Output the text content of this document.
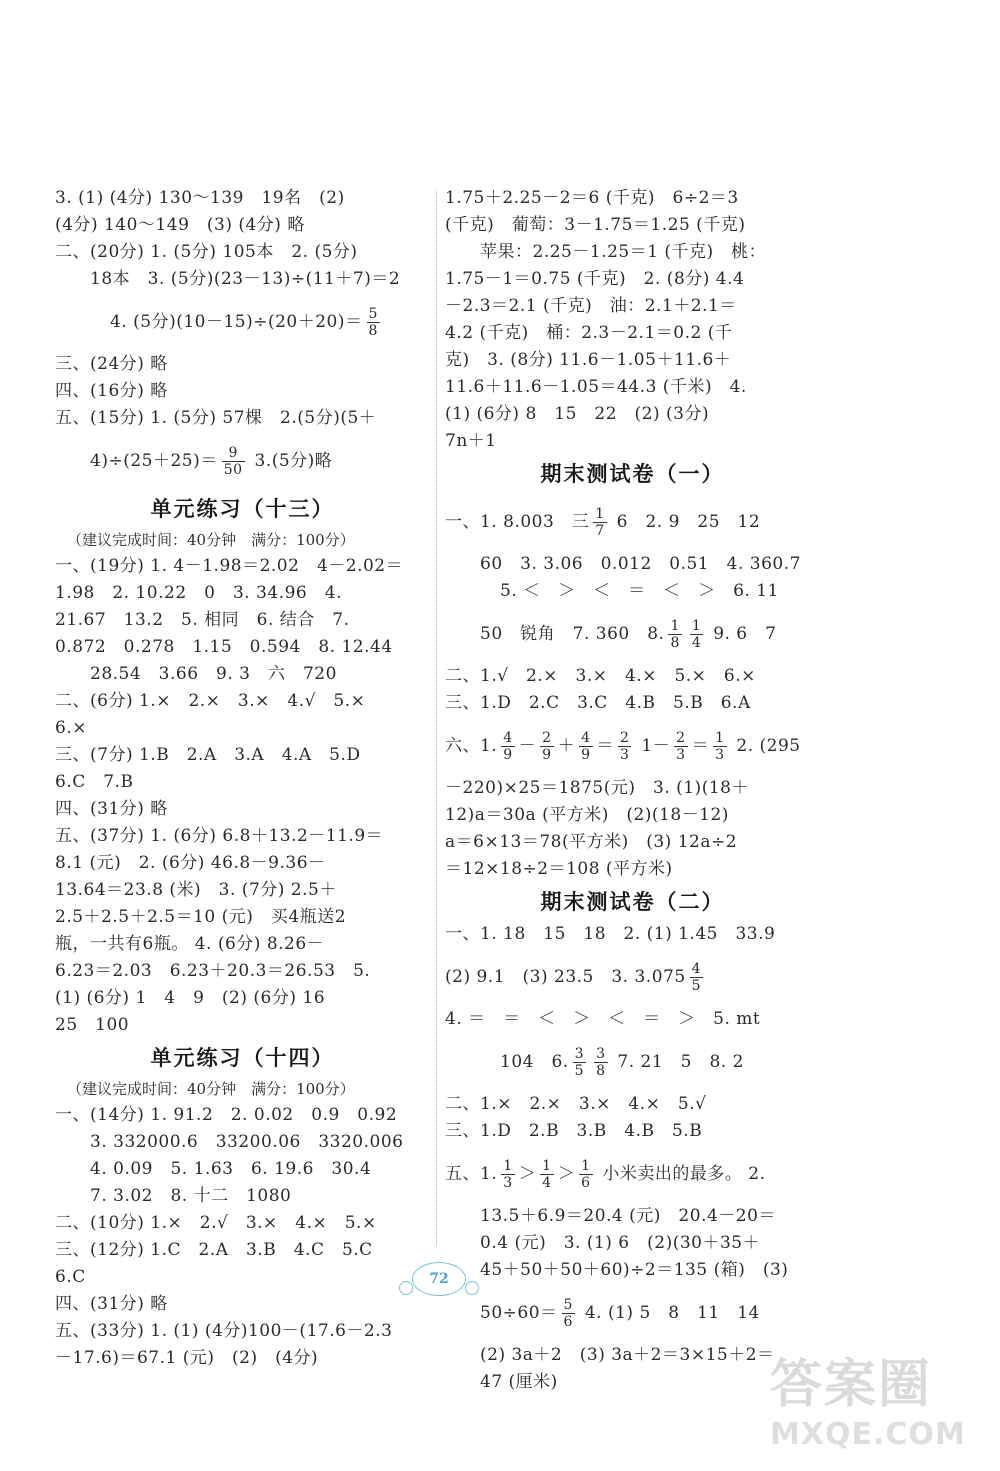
3. (1) (4分) 130～139　19名　(2)
(4分) 140～149　(3) (4分) 略
二、(20分) 1. (5分) 105本　2. (5分)
18本　3. (5分)(23－13)÷(11＋7)＝2
4. (5分)$(10-15)\div(20+20)= \frac{5}{8}$
三、(24分) 略
四、(16分) 略
五、(15分) 1. (5分) 57棵　2.(5分)(5＋
$4)\div(25+25)= \frac{9}{50} 3.(5$分)略
单元练习（十三）
（建议完成时间：40分钟　满分：100分）
一、(19分) 1. 4－1.98＝2.02　4－2.02＝
1.98　2. 10.22　0　3. 34.96　4.
21.67　13.2　5. 相同　6. 结合　7.
0.872　0.278　1.15　0.594　8. 12.44
28.54　3.66　9. 3　六　720
二、(6分) 1.×　2.×　3.×　4.√　5.×
6.×
三、(7分) 1.B　2.A　3.A　4.A　5.D
6.C　7.B
四、(31分) 略
五、(37分) 1. (6分) 6.8＋13.2－11.9＝
8.1 (元)　2. (6分) 46.8－9.36－
13.64＝23.8 (米)　3. (7分) 2.5＋
2.5＋2.5＋2.5＝10 (元)　买4瓶送2
瓶，一共有6瓶。 4. (6分) 8.26－
6.23＝2.03　6.23＋20.3＝26.53　5.
(1) (6分) 1　4　9　(2) (6分) 16
25　100
单元练习（十四）
（建议完成时间：40分钟　满分：100分）
一、(14分) 1. 91.2　2. 0.02　0.9　0.92
3. 332000.6　33200.06　3320.006
4. 0.09　5. 1.63　6. 19.6　30.4
7. 3.02　8. 十二　1080
二、(10分) 1.×　2.√　3.×　4.×　5.×
三、(12分) 1.C　2.A　3.B　4.C　5.C
6.C
四、(31分) 略
五、(33分) 1. (1) (4分)100－(17.6－2.3
－17.6)＝67.1 (元)　(2)　(4分)
1.75＋2.25－2＝6 (千克)　6÷2＝3
(千克)　葡萄：3－1.75＝1.25 (千克)
苹果：2.25－1.25＝1 (千克)　桃：
1.75－1＝0.75 (千克)　2. (8分) 4.4
－2.3＝2.1 (千克)　油：2.1＋2.1＝
4.2 (千克)　桶：2.3－2.1＝0.2 (千
克)　3. (8分) 11.6－1.05＋11.6＋
11.6＋11.6－1.05＝44.3 (千米)　4.
(1) (6分) 8　15　22　(2) (3分)
7n＋1
期末测试卷（一）
一、1. 8.003　三 $\frac{1}{7} 6$　2. 9　25　12
60　3. 3.06　0.012　0.51　4. 360.7
5. ＜　＞　＜　＝　＜　＞　6. 11
50　锐角　7. 360　8. $\frac{1}{8} \frac{1}{4} 9$. 6　7
二、1.√　2.×　3.×　4.×　5.×　6.×
三、1.D　2.C　3.C　4.B　5.B　6.A
六、1. $\frac{4}{9} - \frac{2}{9} + \frac{4}{9} = \frac{2}{3} 1- \frac{2}{3} = \frac{1}{3} 2$. (295
－220)×25＝1875(元)　3. (1)(18＋
12)a＝30a (平方米)　(2)(18－12)
a＝6×13＝78(平方米)　(3) 12a÷2
＝12×18÷2＝108 (平方米)
期末测试卷（二）
一、1. 18　15　18　2. (1) 1.45　33.9
(2) 9.1　(3) 23.5　3. $3.075 \frac{4}{5}$
4. ＝　＝　＜　＞　＜　＝　＞　5. mt
104　6. $\frac{3}{5} \frac{3}{8} 7$. 21　5　8. 2
二、1.×　2.×　3.×　4.×　5.√
三、1.D　2.B　3.B　4.B　5.B
五、1. $\frac{1}{3} > \frac{1}{4} > \frac{1}{6}$ 小米卖出的最多。 2.
13.5＋6.9＝20.4 (元)　20.4－20＝
0.4 (元)　3. (1) 6　(2)(30＋35＋
45＋50＋50＋60)÷2＝135 (箱)　(3)
$50\div 60= \frac{5}{6} 4$. (1) 5　8　11　14
(2) 3a＋2　(3) 3a＋2＝3×15＋2＝
47 (厘米)
72
答案圈
MXQE.COM
